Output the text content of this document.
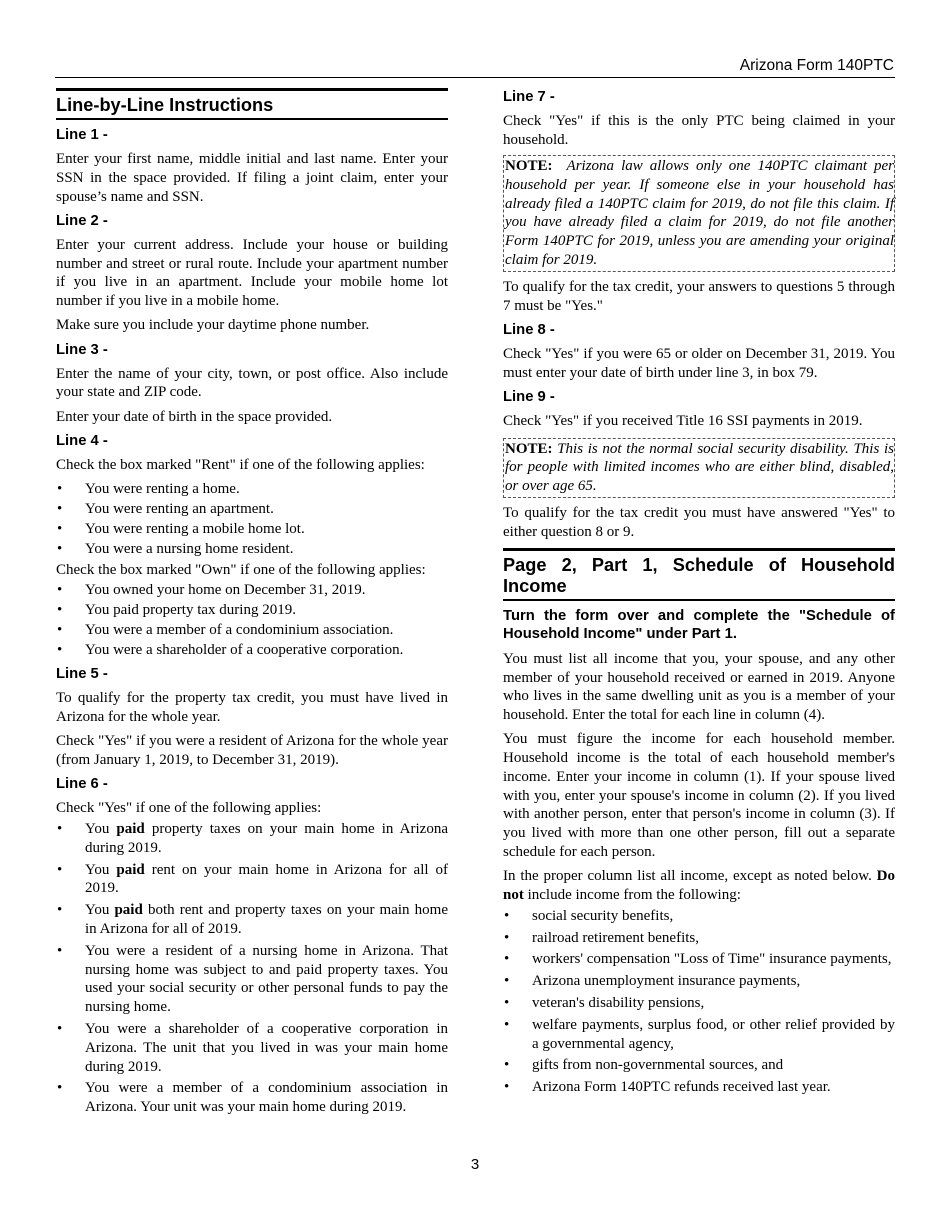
Arizona Form 140PTC
Line-by-Line Instructions
Line 1 -

Enter your first name, middle initial and last name. Enter your SSN in the space provided. If filing a joint claim, enter your spouse’s name and SSN.

Line 2 -

Enter your current address. Include your house or building number and street or rural route. Include your apartment number if you live in an apartment. Include your mobile home lot number if you live in a mobile home.

Make sure you include your daytime phone number.

Line 3 -

Enter the name of your city, town, or post office. Also include your state and ZIP code.

Enter your date of birth in the space provided.

Line 4 -

Check the box marked "Rent" if one of the following applies:

• You were renting a home.
• You were renting an apartment.
• You were renting a mobile home lot.
• You were a nursing home resident.

Check the box marked "Own" if one of the following applies:

• You owned your home on December 31, 2019.
• You paid property tax during 2019.
• You were a member of a condominium association.
• You were a shareholder of a cooperative corporation.
Line 5 -

To qualify for the property tax credit, you must have lived in Arizona for the whole year.

Check "Yes" if you were a resident of Arizona for the whole year (from January 1, 2019, to December 31, 2019).

Line 6 -

Check "Yes" if one of the following applies:

• You paid property taxes on your main home in Arizona during 2019.
• You paid rent on your main home in Arizona for all of 2019.
• You paid both rent and property taxes on your main home in Arizona for all of 2019.
• You were a resident of a nursing home in Arizona. That nursing home was subject to and paid property taxes. You used your social security or other personal funds to pay the nursing home.
• You were a shareholder of a cooperative corporation in Arizona. The unit that you lived in was your main home during 2019.
• You were a member of a condominium association in Arizona. Your unit was your main home during 2019.
Line 7 -

Check "Yes" if this is the only PTC being claimed in your household.

NOTE: Arizona law allows only one 140PTC claimant per household per year. If someone else in your household has already filed a 140PTC claim for 2019, do not file this claim. If you have already filed a claim for 2019, do not file another Form 140PTC for 2019, unless you are amending your original claim for 2019.

To qualify for the tax credit, your answers to questions 5 through 7 must be "Yes."

Line 8 -

Check "Yes" if you were 65 or older on December 31, 2019. You must enter your date of birth under line 3, in box 79.

Line 9 -

Check "Yes" if you received Title 16 SSI payments in 2019.

NOTE: This is not the normal social security disability. This is for people with limited incomes who are either blind, disabled, or over age 65.

To qualify for the tax credit you must have answered "Yes" to either question 8 or 9.

Page 2, Part 1, Schedule of Household Income
Turn the form over and complete the "Schedule of Household Income" under Part 1.

You must list all income that you, your spouse, and any other member of your household received or earned in 2019. Anyone who lives in the same dwelling unit as you is a member of your household. Enter the total for each line in column (4).

You must figure the income for each household member. Household income is the total of each household member's income. Enter your income in column (1). If your spouse lived with you, enter your spouse's income in column (2). If you lived with another person, enter that person's income in column (3). If you lived with more than one other person, fill out a separate schedule for each person.

In the proper column list all income, except as noted below. Do not include income from the following:

• social security benefits,
• railroad retirement benefits,
• workers' compensation "Loss of Time" insurance payments,
• Arizona unemployment insurance payments,
• veteran's disability pensions,
• welfare payments, surplus food, or other relief provided by a governmental agency,
• gifts from non-governmental sources, and
• Arizona Form 140PTC refunds received last year.
3
